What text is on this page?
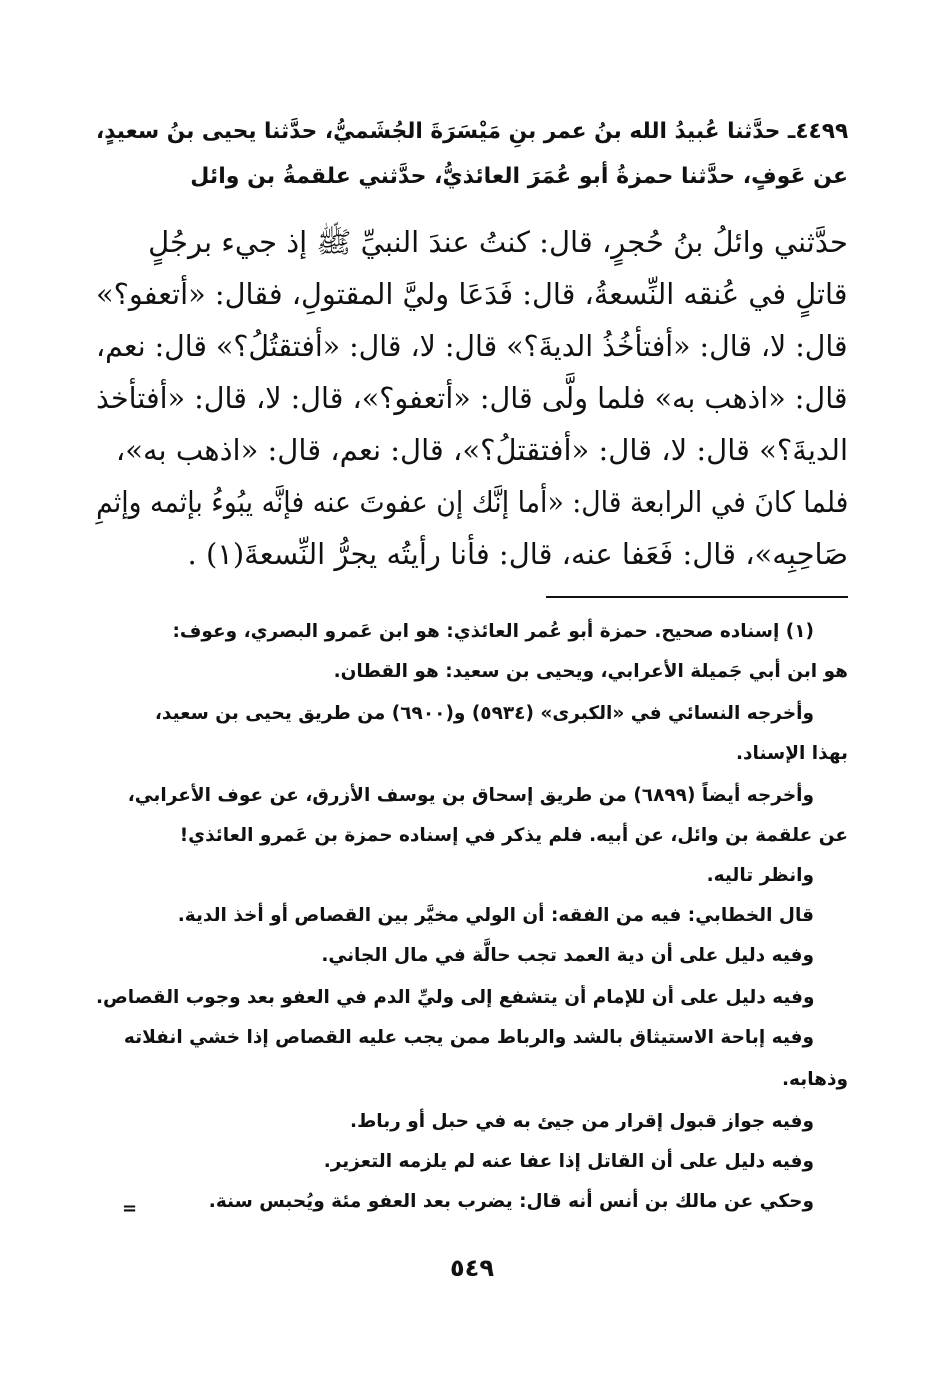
٤٤٩٩ـ حدَّثنا عُبيدُ الله بنُ عمر بنِ مَيْسَرَةَ الجُشَميُّ، حدَّثنا يحيى بنُ سعيدٍ،
عن عَوفٍ، حدَّثنا حمزةُ أبو عُمَرَ العائذيُّ، حدَّثني علقمةُ بن وائل
حدَّثني وائلُ بنُ حُجرٍ، قال: كنتُ عندَ النبيِّ ﷺ إذ جيء برجُلٍ
قاتلٍ في عُنقه النِّسعةُ، قال: فَدَعَا وليَّ المقتولِ، فقال: «أتعفو؟»
قال: لا، قال: «أفتأخُذُ الديةَ؟» قال: لا، قال: «أفتقتُلُ؟» قال: نعم،
قال: «اذهب به» فلما ولَّى قال: «أتعفو؟»، قال: لا، قال: «أفتأخذ
الديةَ؟» قال: لا، قال: «أفتقتلُ؟»، قال: نعم، قال: «اذهب به»،
فلما كانَ في الرابعة قال: «أما إنَّك إن عفوتَ عنه فإنَّه يبُوءُ بإثمه وإثمِ
صَاحِبِه»، قال: فَعَفا عنه، قال: فأنا رأيتُه يجرُّ النِّسعةَ(١) .
(١) إسناده صحيح. حمزة أبو عُمر العائذي: هو ابن عَمرو البصري، وعوف:
هو ابن أبي جَميلة الأعرابي، ويحيى بن سعيد: هو القطان.
وأخرجه النسائي في «الكبرى» (٥٩٣٤) و(٦٩٠٠) من طريق يحيى بن سعيد،
بهذا الإسناد.
وأخرجه أيضاً (٦٨٩٩) من طريق إسحاق بن يوسف الأزرق، عن عوف الأعرابي،
عن علقمة بن وائل، عن أبيه. فلم يذكر في إسناده حمزة بن عَمرو العائذي!
وانظر تاليه.
قال الخطابي: فيه من الفقه: أن الولي مخيَّر بين القصاص أو أخذ الدية.
وفيه دليل على أن دية العمد تجب حالَّة في مال الجاني.
وفيه دليل على أن للإمام أن يتشفع إلى وليِّ الدم في العفو بعد وجوب القصاص.
وفيه إباحة الاستيثاق بالشد والرباط ممن يجب عليه القصاص إذا خشي انفلاته
وذهابه.
وفيه جواز قبول إقرار من جيئ به في حبل أو رباط.
وفيه دليل على أن القاتل إذا عفا عنه لم يلزمه التعزير.
وحكي عن مالك بن أنس أنه قال: يضرب بعد العفو مئة ويُحبس سنة.
=
٥٤٩
